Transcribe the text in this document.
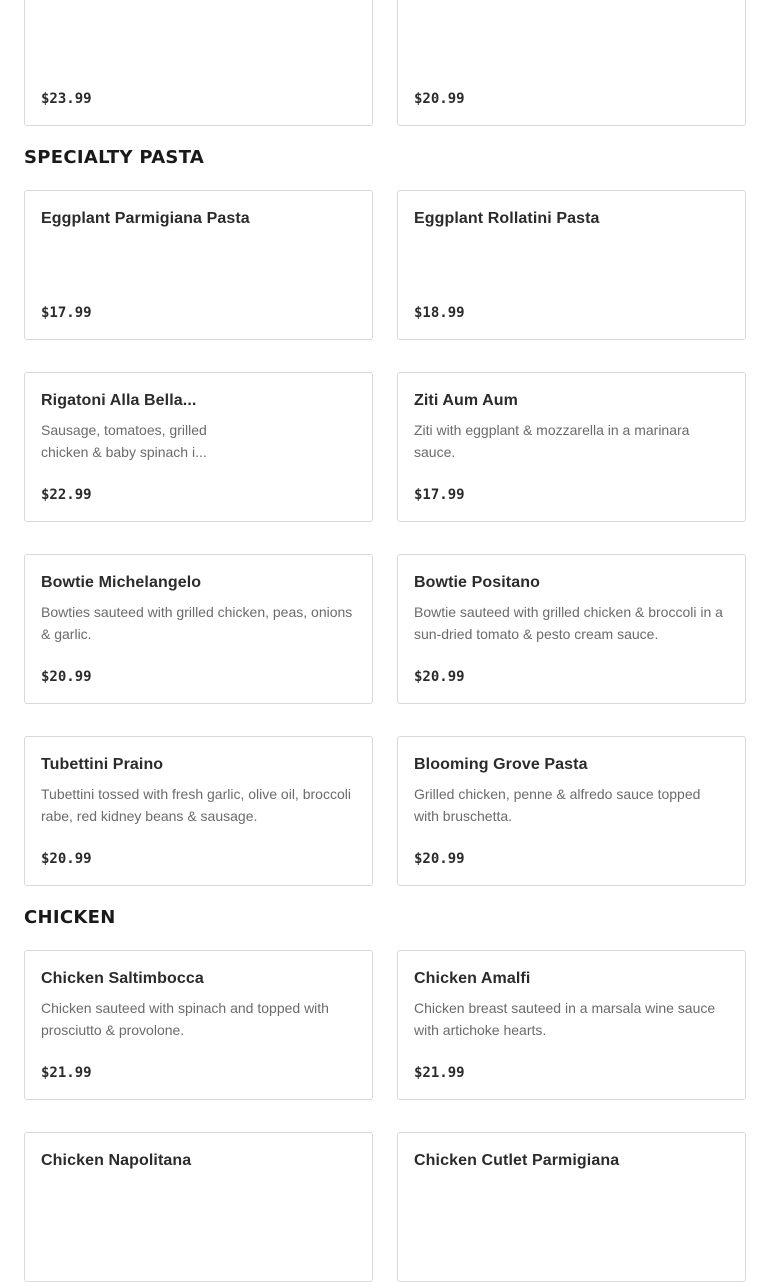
$23.99	$20.99
SPECIALTY PASTA
Eggplant Parmigiana Pasta
$17.99
Eggplant Rollatini Pasta
$18.99
Rigatoni Alla Bella...
Sausage, tomatoes, grilled chicken & baby spinach i...
$22.99
Ziti Aum Aum
Ziti with eggplant & mozzarella in a marinara sauce.
$17.99
Bowtie Michelangelo
Bowties sauteed with grilled chicken, peas, onions & garlic.
$20.99
Bowtie Positano
Bowtie sauteed with grilled chicken & broccoli in a sun-dried tomato & pesto cream sauce.
$20.99
Tubettini Praino
Tubettini tossed with fresh garlic, olive oil, broccoli rabe, red kidney beans & sausage.
$20.99
Blooming Grove Pasta
Grilled chicken, penne & alfredo sauce topped with bruschetta.
$20.99
CHICKEN
Chicken Saltimbocca
Chicken sauteed with spinach and topped with prosciutto & provolone.
$21.99
Chicken Amalfi
Chicken breast sauteed in a marsala wine sauce with artichoke hearts.
$21.99
Chicken Napolitana	Chicken Cutlet Parmigiana
